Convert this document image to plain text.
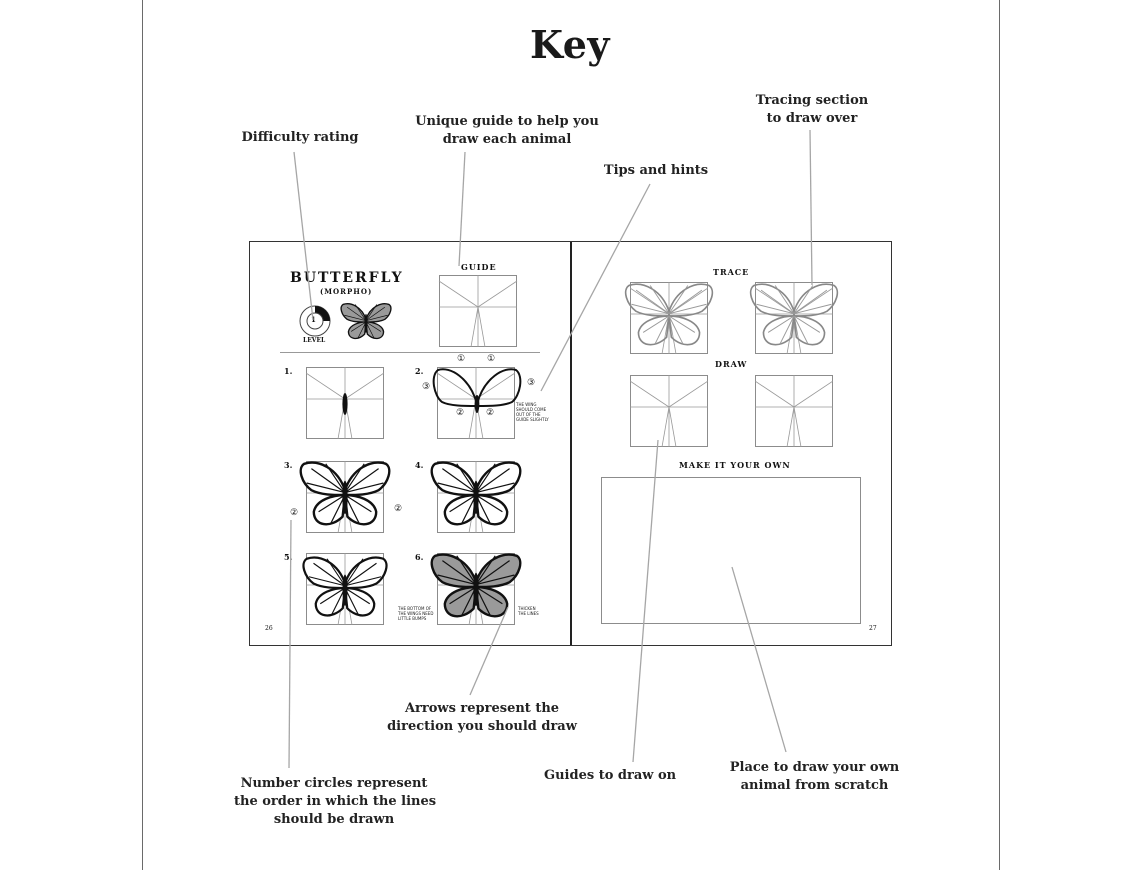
Key
Difficulty rating
Unique guide to help you
draw each animal
Tips and hints
Tracing section
to draw over
Arrows represent the
direction you should draw
Number circles represent
the order in which the lines
should be drawn
Guides to draw on
Place to draw your own
animal from scratch
BUTTERFLY
(MORPHO)
1
LEVEL
GUIDE
1.	2.
① ①
③	③
② ②
THE WING
SHOULD COME
OUT OF THE
GUIDE SLIGHTLY
3.
②	②
4.
5.	6.
THE BOTTOM OF
THE WINGS NEED
LITTLE BUMPS
THICKEN
THE LINES
26
TRACE
DRAW
MAKE IT YOUR OWN
27
